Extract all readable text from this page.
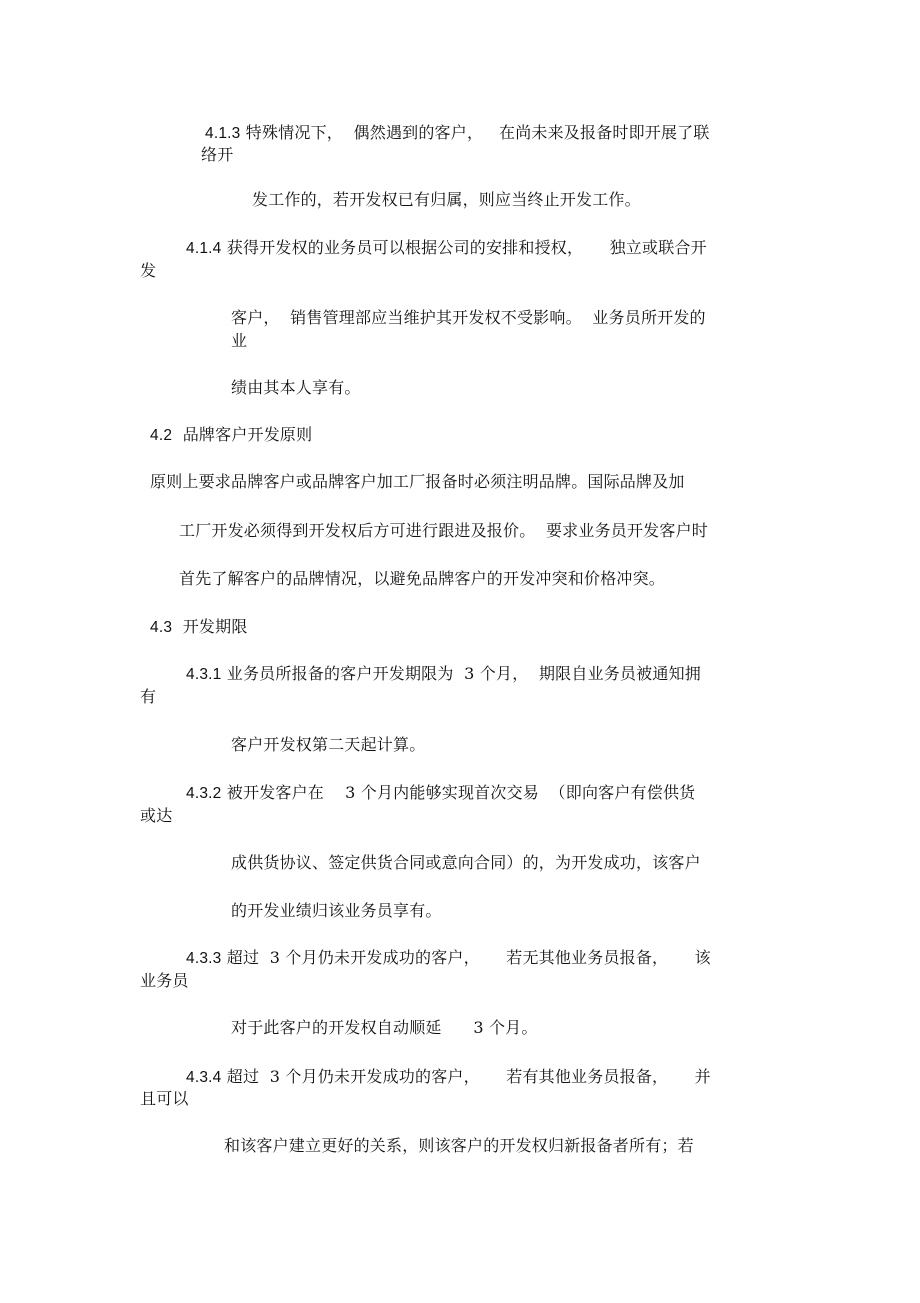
4.1.3 特殊情况下，  偶然遇到的客户，   在尚未来及报备时即开展了联
络开
发工作的，若开发权已有归属，则应当终止开发工作。
4.1.4 获得开发权的业务员可以根据公司的安排和授权，     独立或联合开
发
客户，  销售管理部应当维护其开发权不受影响。  业务员所开发的
业
绩由其本人享有。
4.2  品牌客户开发原则
原则上要求品牌客户或品牌客户加工厂报备时必须注明品牌。国际品牌及加
工厂开发必须得到开发权后方可进行跟进及报价。  要求业务员开发客户时
首先了解客户的品牌情况，以避免品牌客户的开发冲突和价格冲突。
4.3  开发期限
4.3.1 业务员所报备的客户开发期限为  3 个月，  期限自业务员被通知拥
有
客户开发权第二天起计算。
4.3.2 被开发客户在    3 个月内能够实现首次交易  （即向客户有偿供货
或达
成供货协议、签定供货合同或意向合同）的，为开发成功，该客户
的开发业绩归该业务员享有。
4.3.3 超过  3 个月仍未开发成功的客户，     若无其他业务员报备，     该
业务员
对于此客户的开发权自动顺延      3 个月。
4.3.4 超过  3 个月仍未开发成功的客户，     若有其他业务员报备，     并
且可以
和该客户建立更好的关系，则该客户的开发权归新报备者所有；若
